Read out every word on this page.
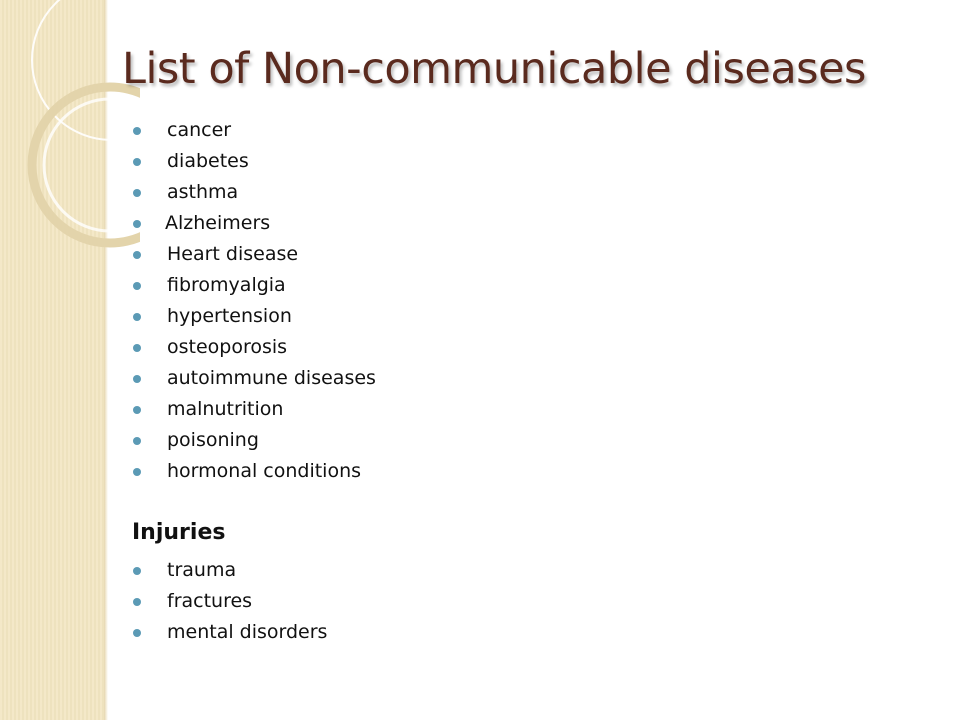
List of Non-communicable diseases
cancer
diabetes
asthma
Alzheimers
Heart disease
fibromyalgia
hypertension
osteoporosis
autoimmune diseases
malnutrition
poisoning
hormonal conditions
Injuries
trauma
fractures
mental disorders
